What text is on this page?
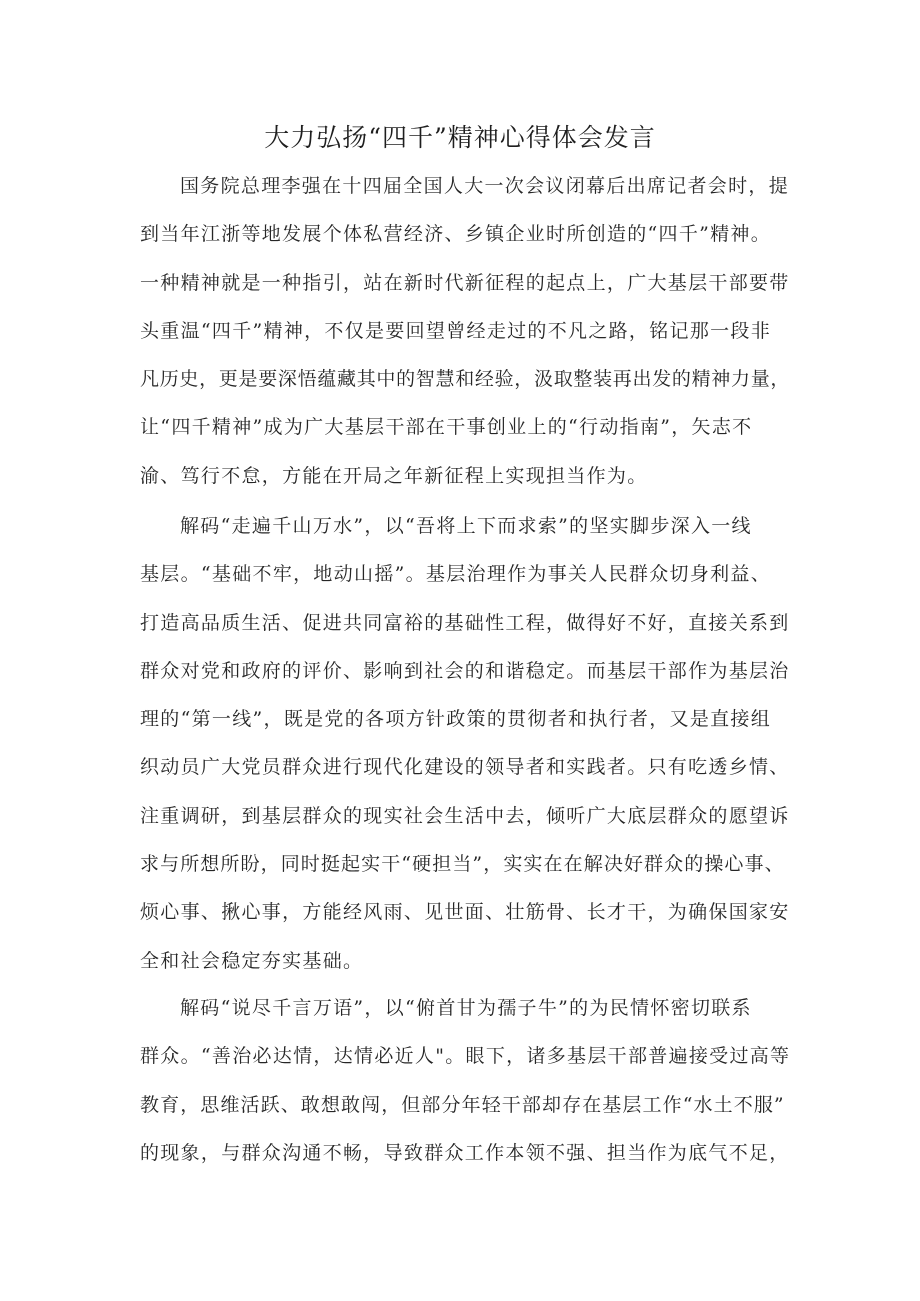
大力弘扬“四千”精神心得体会发言
国务院总理李强在十四届全国人大一次会议闭幕后出席记者会时，提
到当年江浙等地发展个体私营经济、乡镇企业时所创造的“四千”精神。
一种精神就是一种指引，站在新时代新征程的起点上，广大基层干部要带
头重温“四千”精神，不仅是要回望曾经走过的不凡之路，铭记那一段非
凡历史，更是要深悟蕴藏其中的智慧和经验，汲取整装再出发的精神力量，
让“四千精神”成为广大基层干部在干事创业上的“行动指南”，矢志不
渝、笃行不怠，方能在开局之年新征程上实现担当作为。
解码“走遍千山万水”，以“吾将上下而求索”的坚实脚步深入一线
基层。“基础不牢，地动山摇”。基层治理作为事关人民群众切身利益、
打造高品质生活、促进共同富裕的基础性工程，做得好不好，直接关系到
群众对党和政府的评价、影响到社会的和谐稳定。而基层干部作为基层治
理的“第一线”，既是党的各项方针政策的贯彻者和执行者，又是直接组
织动员广大党员群众进行现代化建设的领导者和实践者。只有吃透乡情、
注重调研，到基层群众的现实社会生活中去，倾听广大底层群众的愿望诉
求与所想所盼，同时挺起实干“硬担当”，实实在在解决好群众的操心事、
烦心事、揪心事，方能经风雨、见世面、壮筋骨、长才干，为确保国家安
全和社会稳定夯实基础。
解码“说尽千言万语”，以“俯首甘为孺子牛”的为民情怀密切联系
群众。“善治必达情，达情必近人"。眼下，诸多基层干部普遍接受过高等
教育，思维活跃、敢想敢闯，但部分年轻干部却存在基层工作“水土不服”
的现象，与群众沟通不畅，导致群众工作本领不强、担当作为底气不足，
